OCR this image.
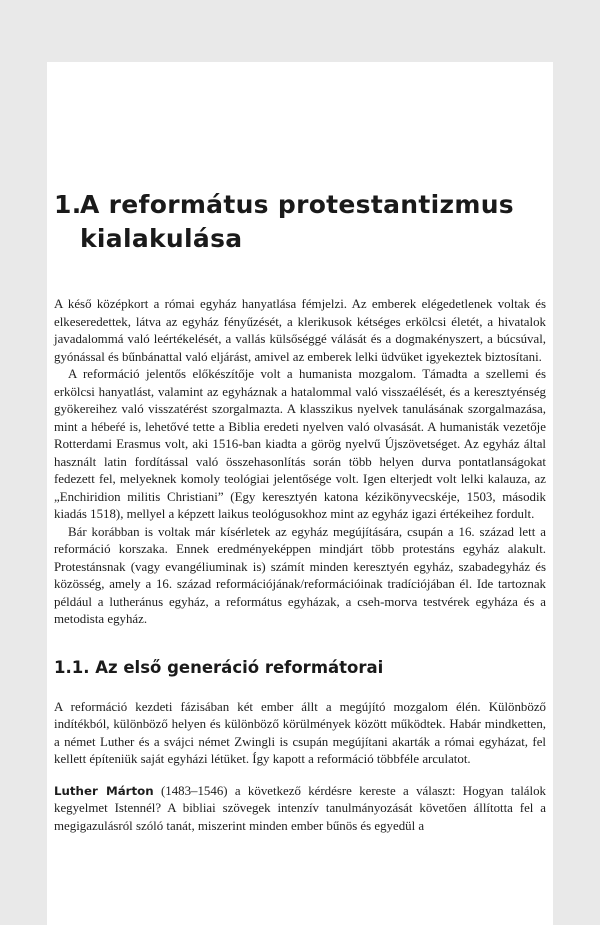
1.A református protestantizmus
kialakulása

A késő középkort a római egyház hanyatlása fémjelzi. Az emberek elégedetlenek voltak és elkeseredettek, látva az egyház fényűzését, a klerikusok kétséges erkölcsi életét, a hivatalok javadalommá való leértékelését, a vallás külsőséggé válását és a dogmakényszert, a búcsúval, gyónással és bűnbánattal való eljárást, amivel az emberek lelki üdvüket igyekeztek biztosítani.

A reformáció jelentős előkészítője volt a humanista mozgalom. Támadta a szellemi és erkölcsi hanyatlást, valamint az egyháznak a hatalommal való visszaélését, és a keresztyénség gyökereihez való visszatérést szorgalmazta. A klasszikus nyelvek tanulásának szorgalmazása, mint a hébeŕé is, lehetővé tette a Biblia eredeti nyelven való olvasását. A humanisták vezetője Rotterdami Erasmus volt, aki 1516-ban kiadta a görög nyelvű Újszövetséget. Az egyház által használt latin fordítással való összehasonlítás során több helyen durva pontatlanságokat fedezett fel, melyeknek komoly teológiai jelentősége volt. Igen elterjedt volt lelki kalauza, az „Enchiridion militis Christiani” (Egy keresztyén katona kézikönyvecskéje, 1503, második kiadás 1518), mellyel a képzett laikus teológusokhoz mint az egyház igazi értékeihez fordult.

Bár korábban is voltak már kísérletek az egyház megújítására, csupán a 16. század lett a reformáció korszaka. Ennek eredményeképpen mindjárt több protestáns egyház alakult. Protestánsnak (vagy evangéliuminak is) számít minden keresztyén egyház, szabadegyház és közösség, amely a 16. század reformációjának/reformációinak tradíciójában él. Ide tartoznak például a lutheránus egyház, a református egyházak, a cseh-morva testvérek egyháza és a metodista egyház.

1.1. Az első generáció reformátorai

A reformáció kezdeti fázisában két ember állt a megújító mozgalom élén. Különböző indítékból, különböző helyen és különböző körülmények között működtek. Habár mindketten, a német Luther és a svájci német Zwingli is csupán megújítani akarták a római egyházat, fel kellett építeniük saját egyházi létüket. Így kapott a reformáció többféle arculatot.

Luther Márton (1483–1546) a következő kérdésre kereste a választ: Hogyan találok kegyelmet Istennél? A bibliai szövegek intenzív tanulmányozását követően állította fel a megigazulásról szóló tanát, miszerint minden ember bűnös és egyedül a
